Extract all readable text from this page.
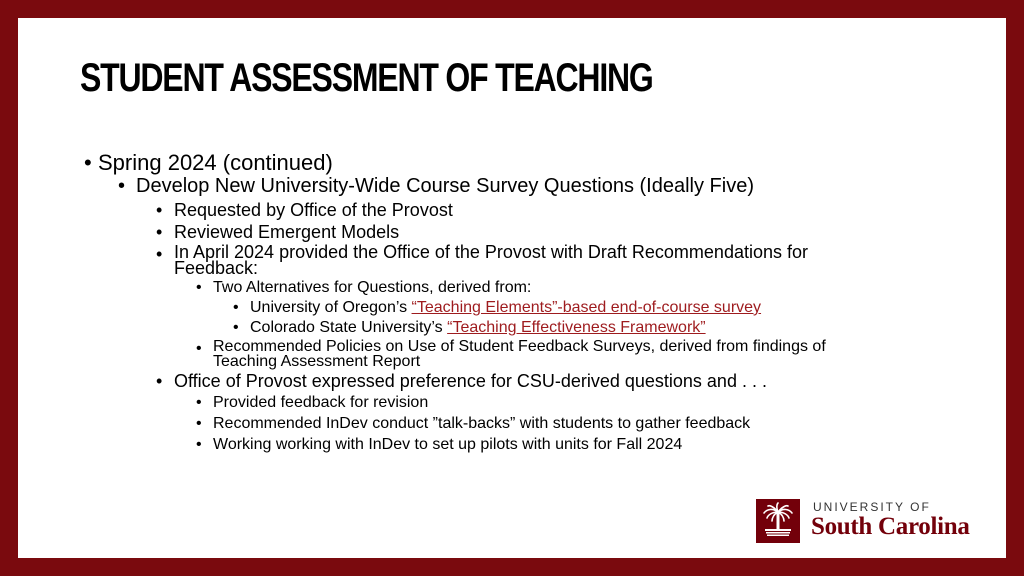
STUDENT ASSESSMENT OF TEACHING
• Spring 2024 (continued)
• Develop New University-Wide Course Survey Questions (Ideally Five)
• Requested by Office of the Provost
• Reviewed Emergent Models
• In April 2024 provided the Office of the Provost with Draft Recommendations for
Feedback:
• Two Alternatives for Questions, derived from:
• University of Oregon’s “Teaching Elements”-based end-of-course survey
• Colorado State University’s “Teaching Effectiveness Framework”
• Recommended Policies on Use of Student Feedback Surveys, derived from findings of
Teaching Assessment Report
• Office of Provost expressed preference for CSU-derived questions and . . .
• Provided feedback for revision
• Recommended InDev conduct ”talk-backs” with students to gather feedback
• Working working with InDev to set up pilots with units for Fall 2024
UNIVERSITY OF
South Carolina
